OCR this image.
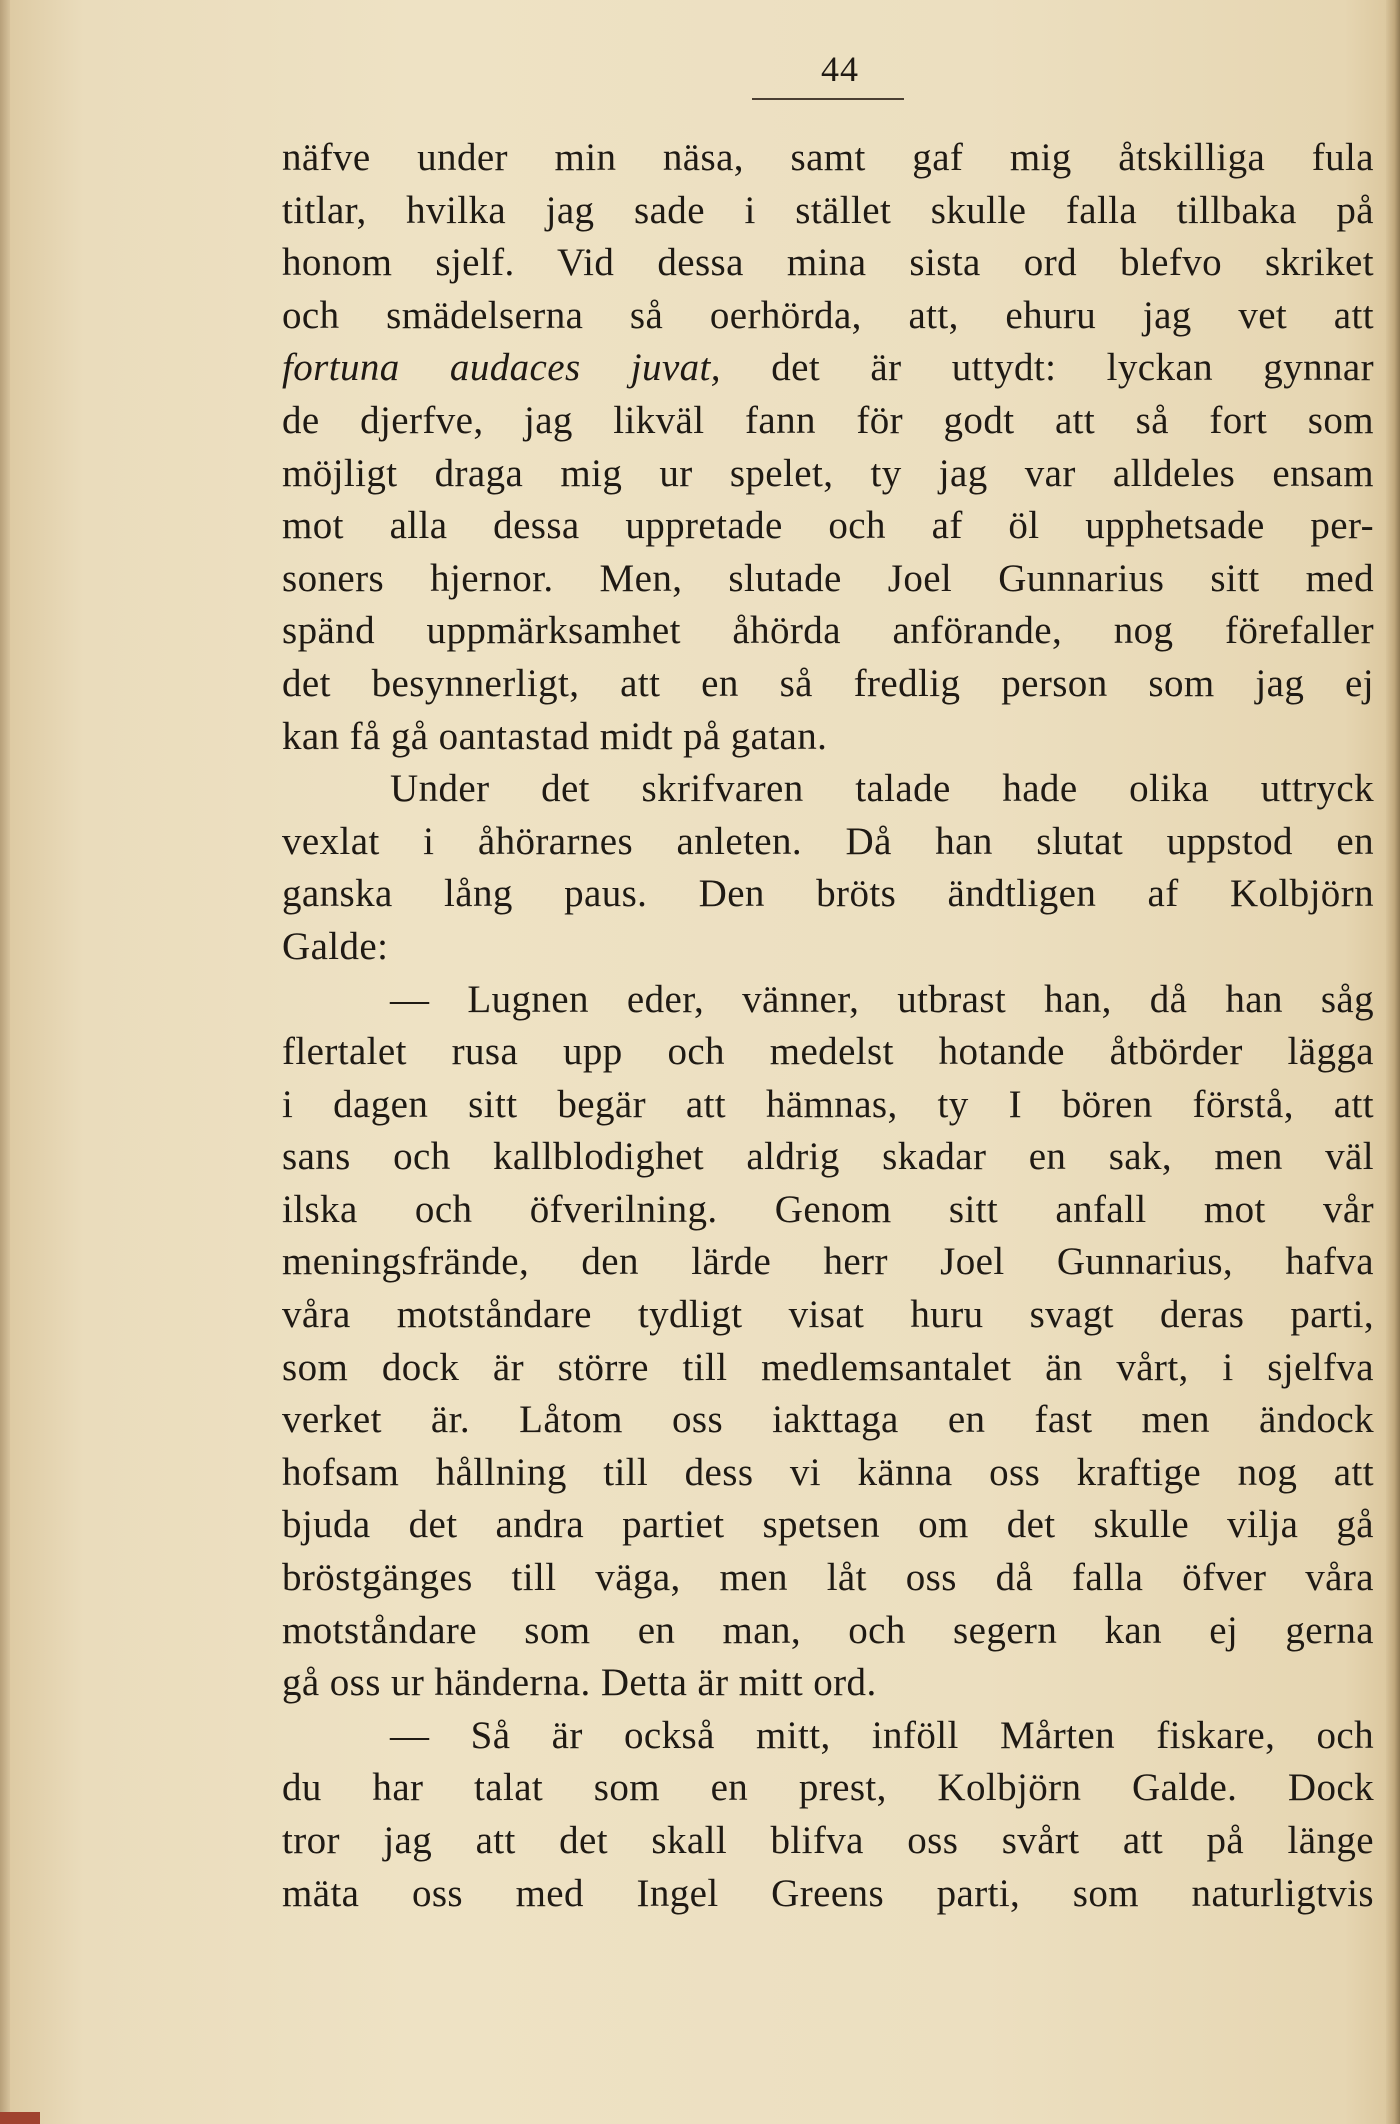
44
näfve under min näsa, samt gaf mig åtskilliga fula
titlar, hvilka jag sade i stället skulle falla tillbaka på
honom sjelf. Vid dessa mina sista ord blefvo skriket
och smädelserna så oerhörda, att, ehuru jag vet att
fortuna audaces juvat, det är uttydt: lyckan gynnar
de djerfve, jag likväl fann för godt att så fort som
möjligt draga mig ur spelet, ty jag var alldeles ensam
mot alla dessa uppretade och af öl upphetsade per-
soners hjernor. Men, slutade Joel Gunnarius sitt med
spänd uppmärksamhet åhörda anförande, nog förefaller
det besynnerligt, att en så fredlig person som jag ej
kan få gå oantastad midt på gatan.
Under det skrifvaren talade hade olika uttryck
vexlat i åhörarnes anleten. Då han slutat uppstod en
ganska lång paus. Den bröts ändtligen af Kolbjörn
Galde:
— Lugnen eder, vänner, utbrast han, då han såg
flertalet rusa upp och medelst hotande åtbörder lägga
i dagen sitt begär att hämnas, ty I bören förstå, att
sans och kallblodighet aldrig skadar en sak, men väl
ilska och öfverilning. Genom sitt anfall mot vår
meningsfrände, den lärde herr Joel Gunnarius, hafva
våra motståndare tydligt visat huru svagt deras parti,
som dock är större till medlemsantalet än vårt, i sjelfva
verket är. Låtom oss iakttaga en fast men ändock
hofsam hållning till dess vi känna oss kraftige nog att
bjuda det andra partiet spetsen om det skulle vilja gå
bröstgänges till väga, men låt oss då falla öfver våra
motståndare som en man, och segern kan ej gerna
gå oss ur händerna. Detta är mitt ord.
— Så är också mitt, inföll Mårten fiskare, och
du har talat som en prest, Kolbjörn Galde. Dock
tror jag att det skall blifva oss svårt att på länge
mäta oss med Ingel Greens parti, som naturligtvis
